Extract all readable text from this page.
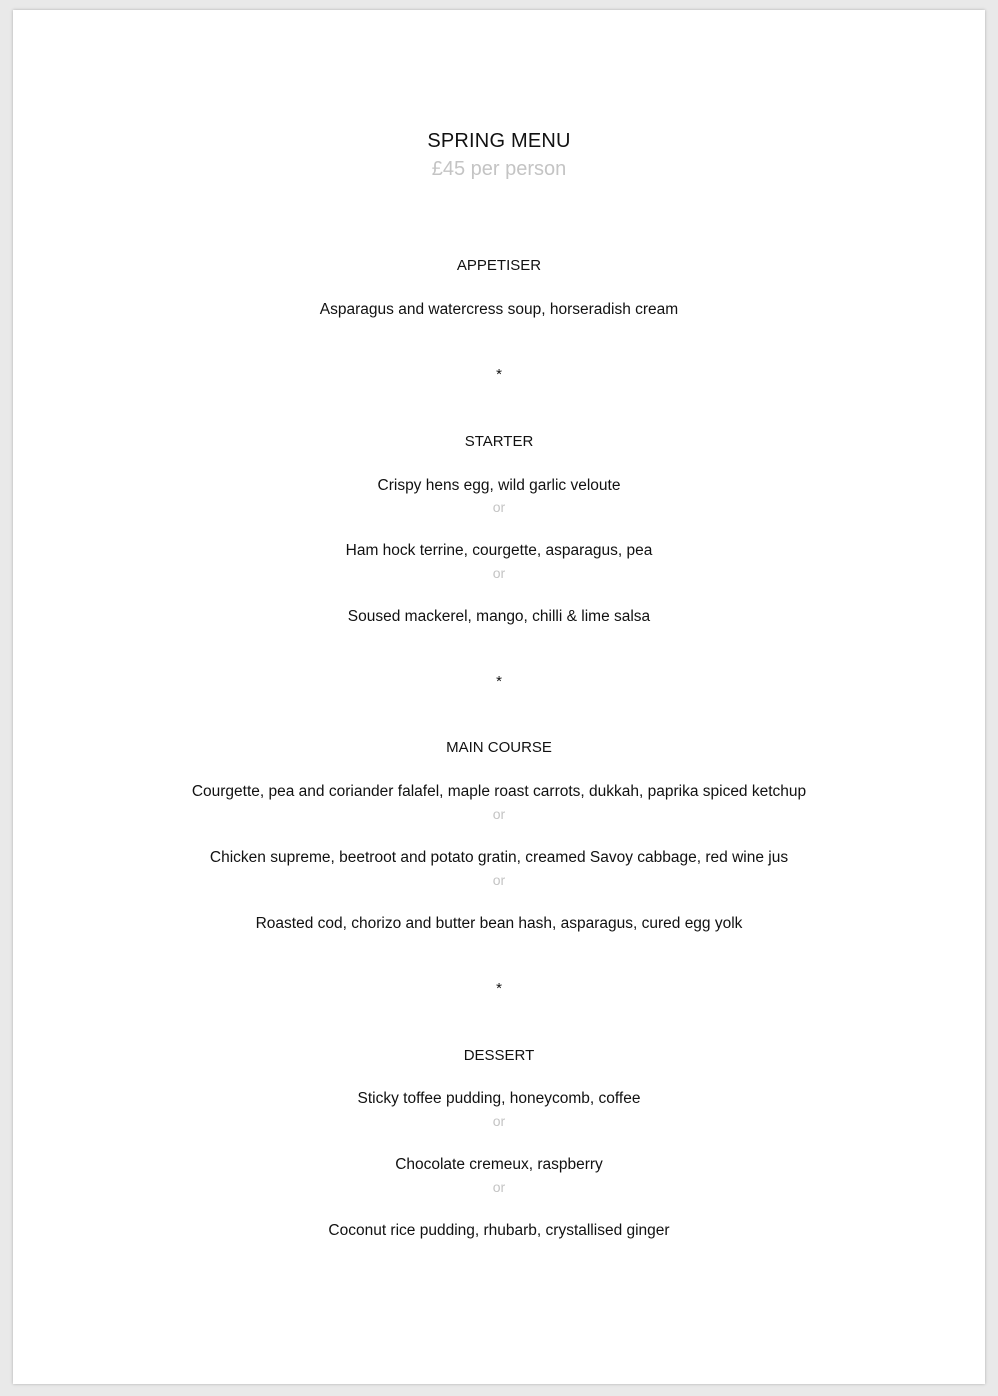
SPRING MENU
£45 per person
APPETISER
Asparagus and watercress soup, horseradish cream
*
STARTER
Crispy hens egg, wild garlic veloute
or
Ham hock terrine, courgette, asparagus, pea
or
Soused mackerel, mango, chilli & lime salsa
*
MAIN COURSE
Courgette, pea and coriander falafel, maple roast carrots, dukkah, paprika spiced ketchup
or
Chicken supreme, beetroot and potato gratin, creamed Savoy cabbage, red wine jus
or
Roasted cod, chorizo and butter bean hash, asparagus, cured egg yolk
*
DESSERT
Sticky toffee pudding, honeycomb, coffee
or
Chocolate cremeux, raspberry
or
Coconut rice pudding, rhubarb, crystallised ginger
